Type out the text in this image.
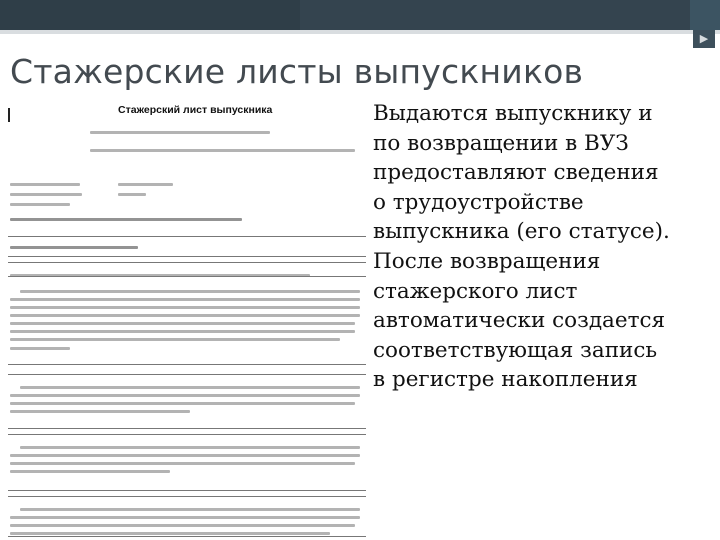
▶
Стажерские листы выпускников
Стажерский лист выпускника	Выдаются выпускнику и
по возвращении в ВУЗ
предоставляют сведения
о трудоустройстве
выпускника (его статусе).
После возвращения
стажерского лист
автоматически создается
соответствующая запись
в регистре накопления
